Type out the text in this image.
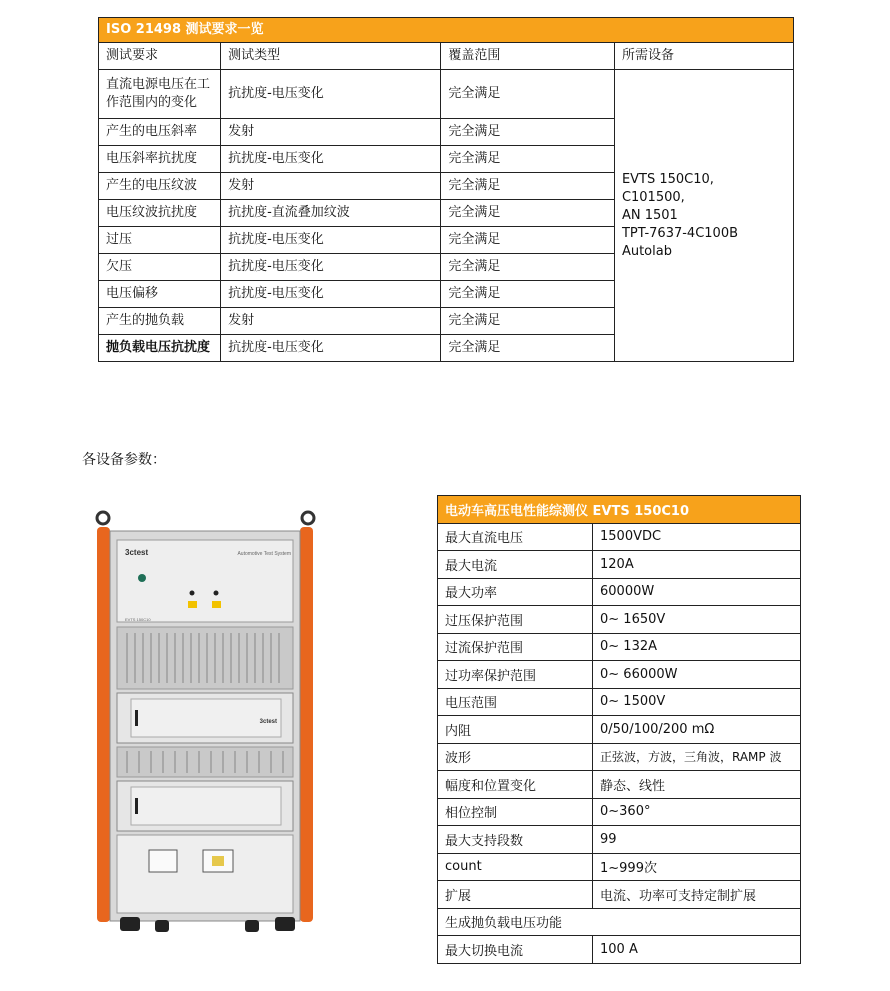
ISO 21498 测试要求一览			
测试要求	测试类型	覆盖范围	所需设备
直流电源电压在工作范围内的变化	抗扰度-电压变化	完全满足	EVTS 150C10,
C101500,
AN 1501
TPT-7637-4C100B
Autolab

产生的电压斜率	发射	完全满足	
电压斜率抗扰度	抗扰度-电压变化	完全满足	
产生的电压纹波	发射	完全满足	
电压纹波抗扰度	抗扰度-直流叠加纹波	完全满足	
过压	抗扰度-电压变化	完全满足	
欠压	抗扰度-电压变化	完全满足	
电压偏移	抗扰度-电压变化	完全满足	
产生的抛负载	发射	完全满足	
抛负载电压抗扰度	抗扰度-电压变化	完全满足	
各设备参数：
3ctest	Automotive Test System
EVTS 150C10
3ctest
电动车高压电性能综测仪 EVTS 150C10	
最大直流电压	1500VDC
最大电流	120A
最大功率	60000W
过压保护范围	0~ 1650V
过流保护范围	0~ 132A
过功率保护范围	0~ 66000W
电压范围	0~ 1500V
内阻	0/50/100/200 mΩ
波形	正弦波，方波，三角波，RAMP 波
幅度和位置变化	静态、线性
相位控制	0~360°
最大支持段数	99
count	1~999次
扩展	电流、功率可支持定制扩展
生成抛负载电压功能	
最大切换电流	100 A
